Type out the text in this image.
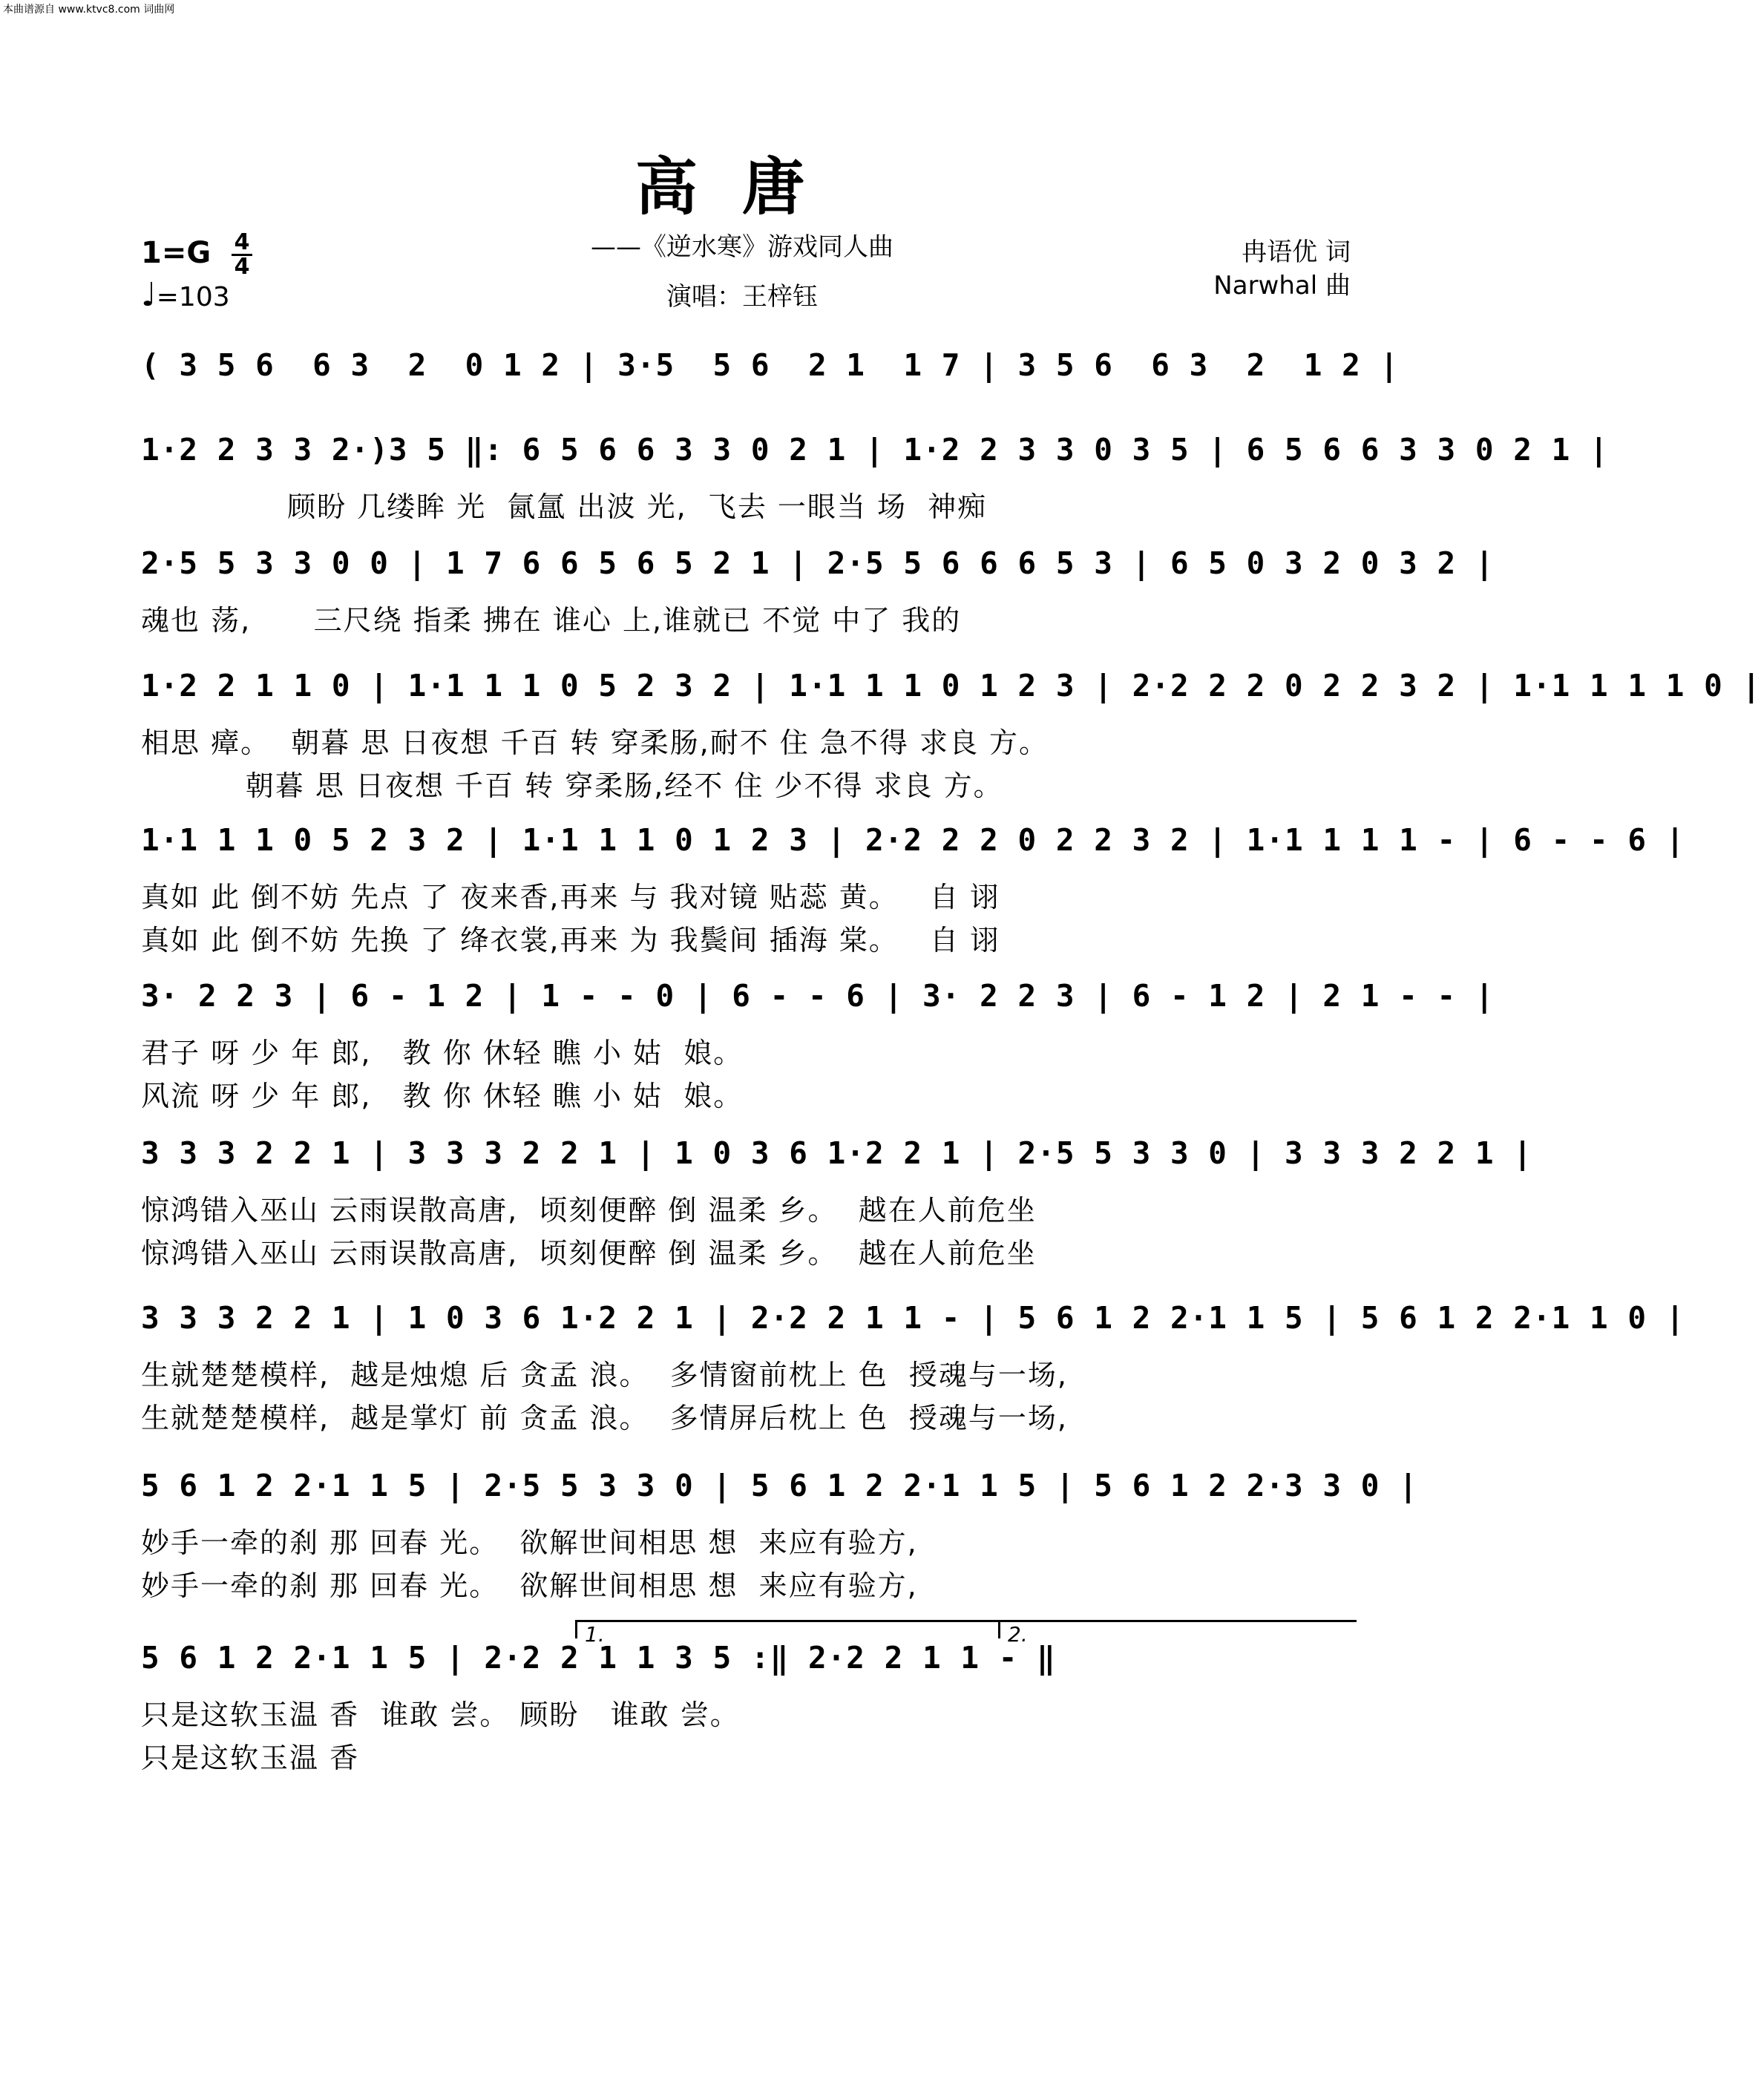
本曲谱源自 www.ktvc8.com 词曲网
高唐
——《逆水寒》游戏同人曲
演唱：王梓钰
冉语优 词
Narwhal 曲
1=G 4
4
♩=103
( 3 5 6  6 3  2  0 1 2 | 3·5  5 6  2 1  1 7 | 3 5 6  6 3  2  1 2 |
1·2 2 3 3 2·)3 5 ‖: 6 5 6 6 3 3 0 2 1 | 1·2 2 3 3 0 3 5 | 6 5 6 6 3 3 0 2 1 |
顾盼 几缕眸 光  氤氲 出波 光,  飞去 一眼当 场  神痴
2·5 5 3 3 0 0 | 1 7 6 6 5 6 5 2 1 | 2·5 5 6 6 6 5 3 | 6 5 0 3 2 0 3 2 |
魂也 荡,      三尺绕 指柔 拂在 谁心 上,谁就已 不觉 中了 我的
1·2 2 1 1 0 | 1·1 1 1 0 5 2 3 2 | 1·1 1 1 0 1 2 3 | 2·2 2 2 0 2 2 3 2 | 1·1 1 1 1 0 |
相思 瘴。  朝暮 思 日夜想 千百 转 穿柔肠,耐不 住 急不得 求良 方。
朝暮 思 日夜想 千百 转 穿柔肠,经不 住 少不得 求良 方。
1·1 1 1 0 5 2 3 2 | 1·1 1 1 0 1 2 3 | 2·2 2 2 0 2 2 3 2 | 1·1 1 1 1 - | 6 - - 6 |
真如 此 倒不妨 先点 了 夜来香,再来 与 我对镜 贴蕊 黄。   自 诩
真如 此 倒不妨 先换 了 绛衣裳,再来 为 我鬓间 插海 棠。   自 诩
3· 2 2 3 | 6 - 1 2 | 1 - - 0 | 6 - - 6 | 3· 2 2 3 | 6 - 1 2 | 2 1 - - |
君子 呀 少 年 郎,   教 你 休轻 瞧 小 姑  娘。
风流 呀 少 年 郎,   教 你 休轻 瞧 小 姑  娘。
3 3 3 2 2 1 | 3 3 3 2 2 1 | 1 0 3 6 1·2 2 1 | 2·5 5 3 3 0 | 3 3 3 2 2 1 |
惊鸿错入巫山 云雨误散高唐,  顷刻便醉 倒 温柔 乡。  越在人前危坐
惊鸿错入巫山 云雨误散高唐,  顷刻便醉 倒 温柔 乡。  越在人前危坐
3 3 3 2 2 1 | 1 0 3 6 1·2 2 1 | 2·2 2 1 1 - | 5 6 1 2 2·1 1 5 | 5 6 1 2 2·1 1 0 |
生就楚楚模样,  越是烛熄 后 贪孟 浪。  多情窗前枕上 色  授魂与一场,
生就楚楚模样,  越是掌灯 前 贪孟 浪。  多情屏后枕上 色  授魂与一场,
5 6 1 2 2·1 1 5 | 2·5 5 3 3 0 | 5 6 1 2 2·1 1 5 | 5 6 1 2 2·3 3 0 |
妙手一牵的刹 那 回春 光。  欲解世间相思 想  来应有验方,
妙手一牵的刹 那 回春 光。  欲解世间相思 想  来应有验方,
5 6 1 2 2·1 1 5 | 2·2 2 1 1 3 5 :‖ 2·2 2 1 1 - ‖
只是这软玉温 香  谁敢 尝。 顾盼   谁敢 尝。
只是这软玉温 香
1.	2.
